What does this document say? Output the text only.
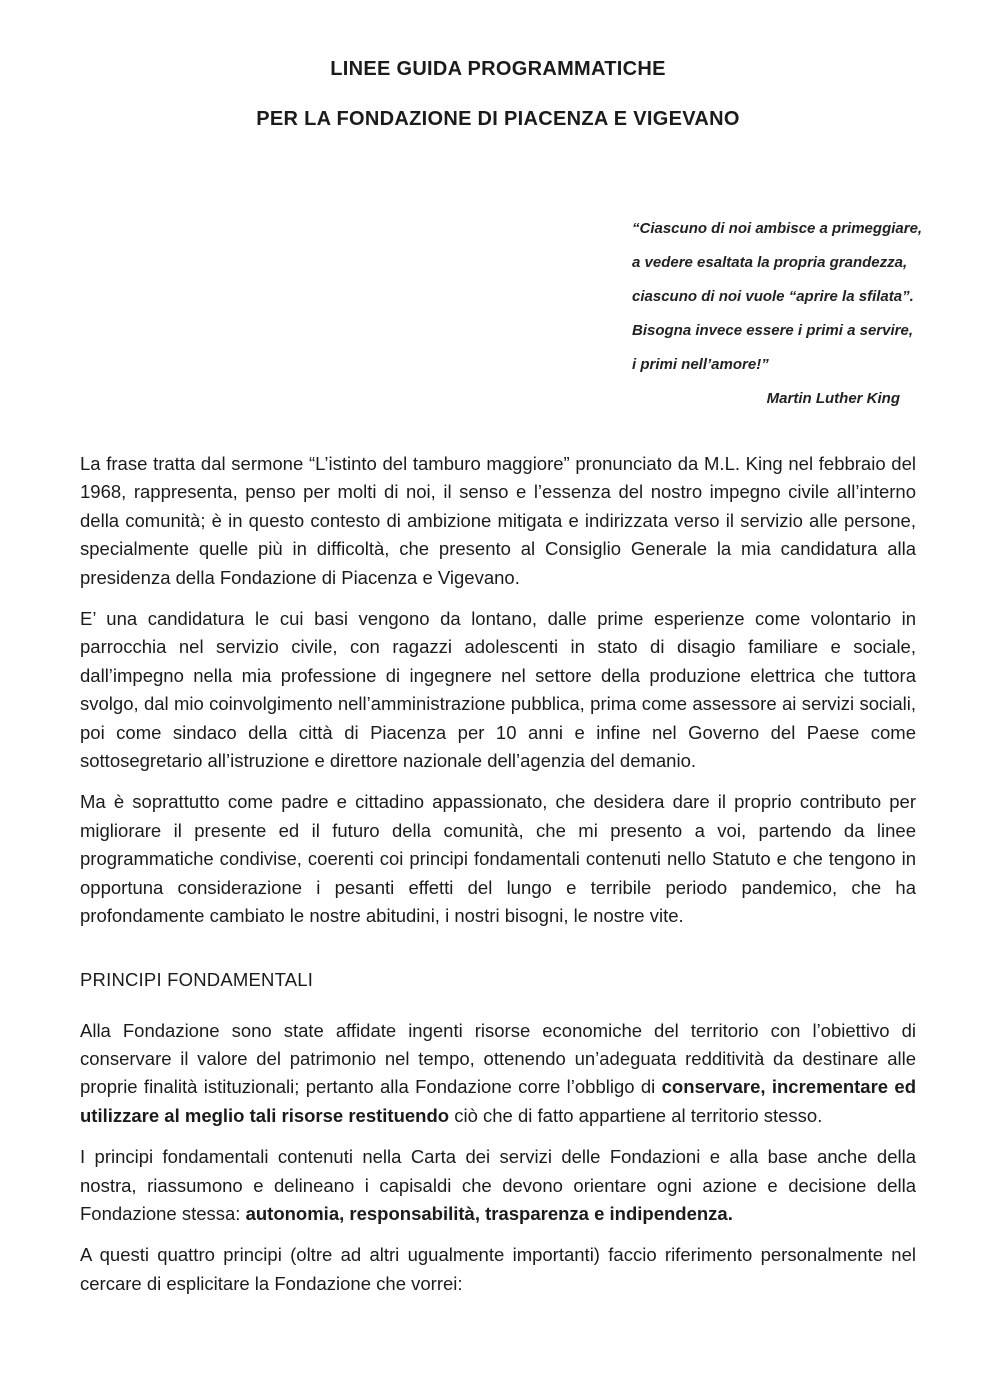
LINEE GUIDA PROGRAMMATICHE
PER LA FONDAZIONE DI PIACENZA E VIGEVANO
“Ciascuno di noi ambisce a primeggiare,
a vedere esaltata la propria grandezza,
ciascuno di noi vuole “aprire la sfilata”.
Bisogna invece essere i primi a servire,
i primi nell’amore!”
Martin Luther King

La frase tratta dal sermone “L’istinto del tamburo maggiore” pronunciato da M.L. King nel febbraio del 1968, rappresenta, penso per molti di noi, il senso e l’essenza del nostro impegno civile all’interno della comunità; è in questo contesto di ambizione mitigata e indirizzata verso il servizio alle persone, specialmente quelle più in difficoltà, che presento al Consiglio Generale la mia candidatura alla presidenza della Fondazione di Piacenza e Vigevano.

E’ una candidatura le cui basi vengono da lontano, dalle prime esperienze come volontario in parrocchia nel servizio civile, con ragazzi adolescenti in stato di disagio familiare e sociale, dall’impegno nella mia professione di ingegnere nel settore della produzione elettrica che tuttora svolgo, dal mio coinvolgimento nell’amministrazione pubblica, prima come assessore ai servizi sociali, poi come sindaco della città di Piacenza per 10 anni e infine nel Governo del Paese come sottosegretario all’istruzione e direttore nazionale dell’agenzia del demanio.

Ma è soprattutto come padre e cittadino appassionato, che desidera dare il proprio contributo per migliorare il presente ed il futuro della comunità, che mi presento a voi, partendo da linee programmatiche condivise, coerenti coi principi fondamentali contenuti nello Statuto e che tengono in opportuna considerazione i pesanti effetti del lungo e terribile periodo pandemico, che ha profondamente cambiato le nostre abitudini, i nostri bisogni, le nostre vite.

PRINCIPI FONDAMENTALI

Alla Fondazione sono state affidate ingenti risorse economiche del territorio con l’obiettivo di conservare il valore del patrimonio nel tempo, ottenendo un’adeguata redditività da destinare alle proprie finalità istituzionali; pertanto alla Fondazione corre l’obbligo di conservare, incrementare ed utilizzare al meglio tali risorse restituendo ciò che di fatto appartiene al territorio stesso.

I principi fondamentali contenuti nella Carta dei servizi delle Fondazioni e alla base anche della nostra, riassumono e delineano i capisaldi che devono orientare ogni azione e decisione della Fondazione stessa: autonomia, responsabilità, trasparenza e indipendenza.

A questi quattro principi (oltre ad altri ugualmente importanti) faccio riferimento personalmente nel cercare di esplicitare la Fondazione che vorrei:
